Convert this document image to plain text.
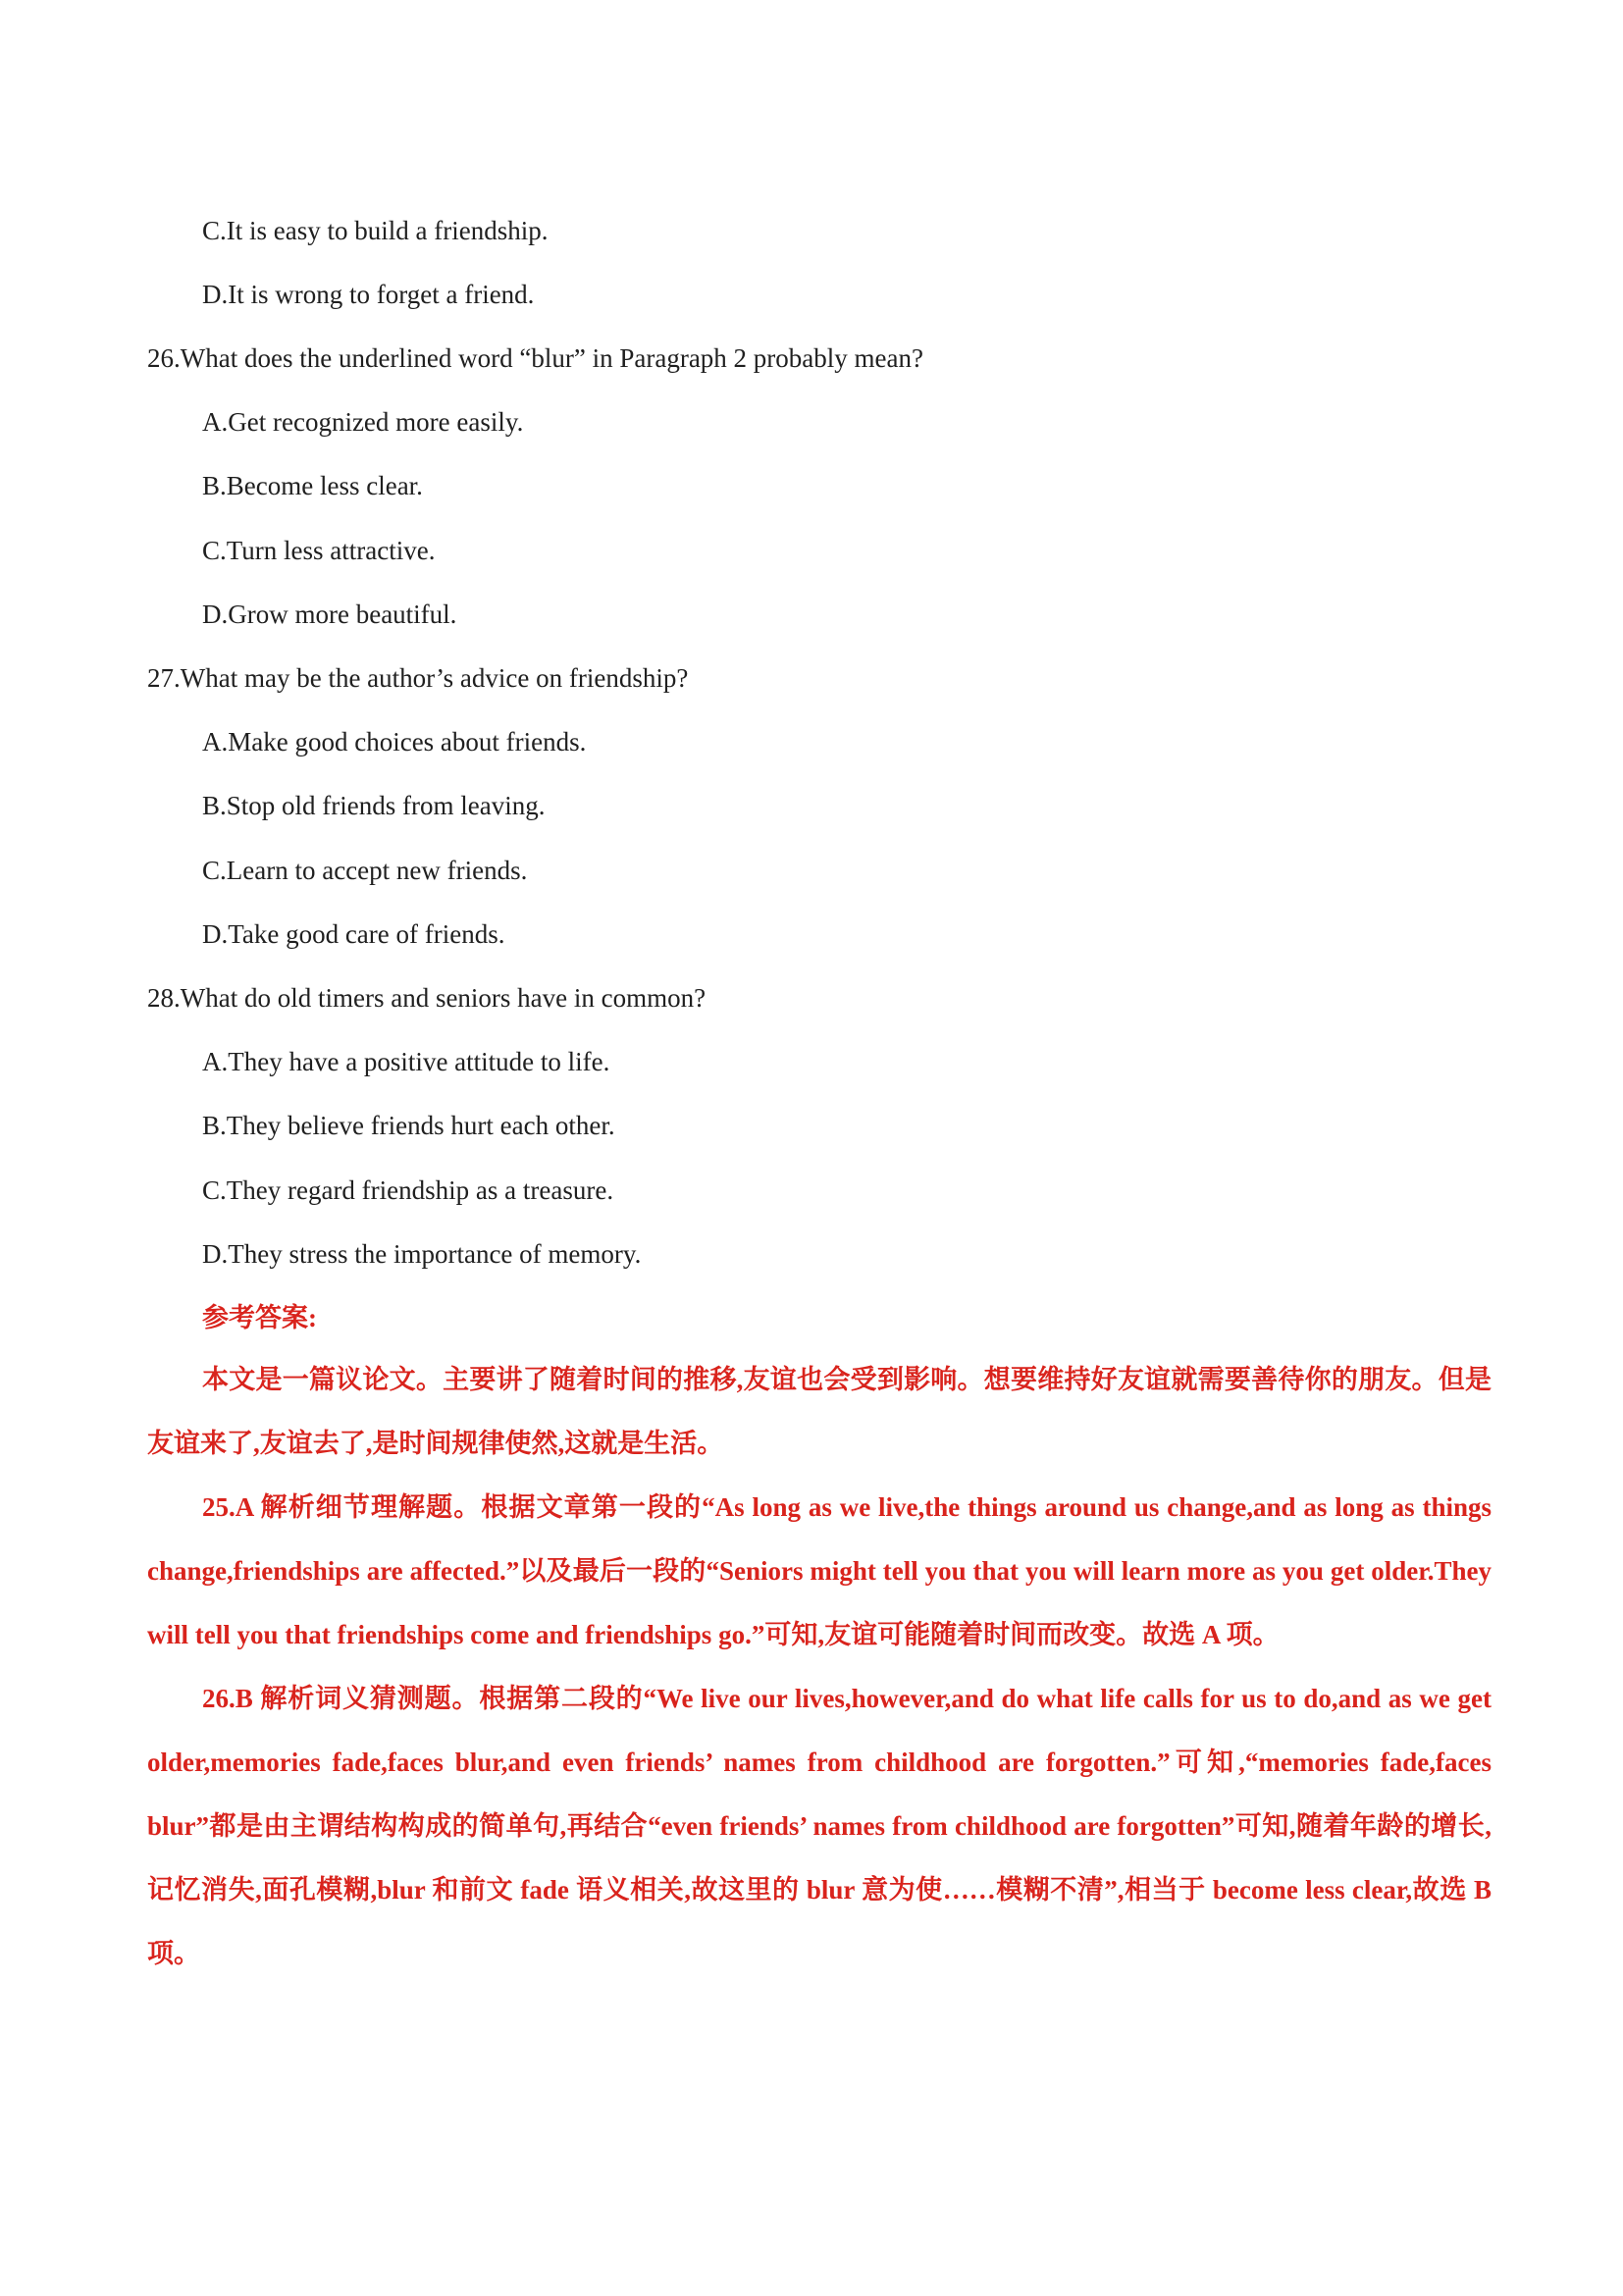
C.It is easy to build a friendship.
D.It is wrong to forget a friend.
26.What does the underlined word “blur” in Paragraph 2 probably mean?
A.Get recognized more easily.
B.Become less clear.
C.Turn less attractive.
D.Grow more beautiful.
27.What may be the author’s advice on friendship?
A.Make good choices about friends.
B.Stop old friends from leaving.
C.Learn to accept new friends.
D.Take good care of friends.
28.What do old timers and seniors have in common?
A.They have a positive attitude to life.
B.They believe friends hurt each other.
C.They regard friendship as a treasure.
D.They stress the importance of memory.
参考答案:

本文是一篇议论文。主要讲了随着时间的推移,友谊也会受到影响。想要维持好友谊就需要善待你的朋友。但是友谊来了,友谊去了,是时间规律使然,这就是生活。

25.A 解析细节理解题。根据文章第一段的“As long as we live,the things around us change,and as long as things change,friendships are affected.”以及最后一段的“Seniors might tell you that you will learn more as you get older.They will tell you that friendships come and friendships go.”可知,友谊可能随着时间而改变。故选 A 项。

26.B 解析词义猜测题。根据第二段的“We live our lives,however,and do what life calls for us to do,and as we get older,memories fade,faces blur,and even friends’ names from childhood are forgotten.”可知,“memories fade,faces blur”都是由主谓结构构成的简单句,再结合“even friends’ names from childhood are forgotten”可知,随着年龄的增长,记忆消失,面孔模糊,blur 和前文 fade 语义相关,故这里的 blur 意为使……模糊不清”,相当于 become less clear,故选 B 项。
